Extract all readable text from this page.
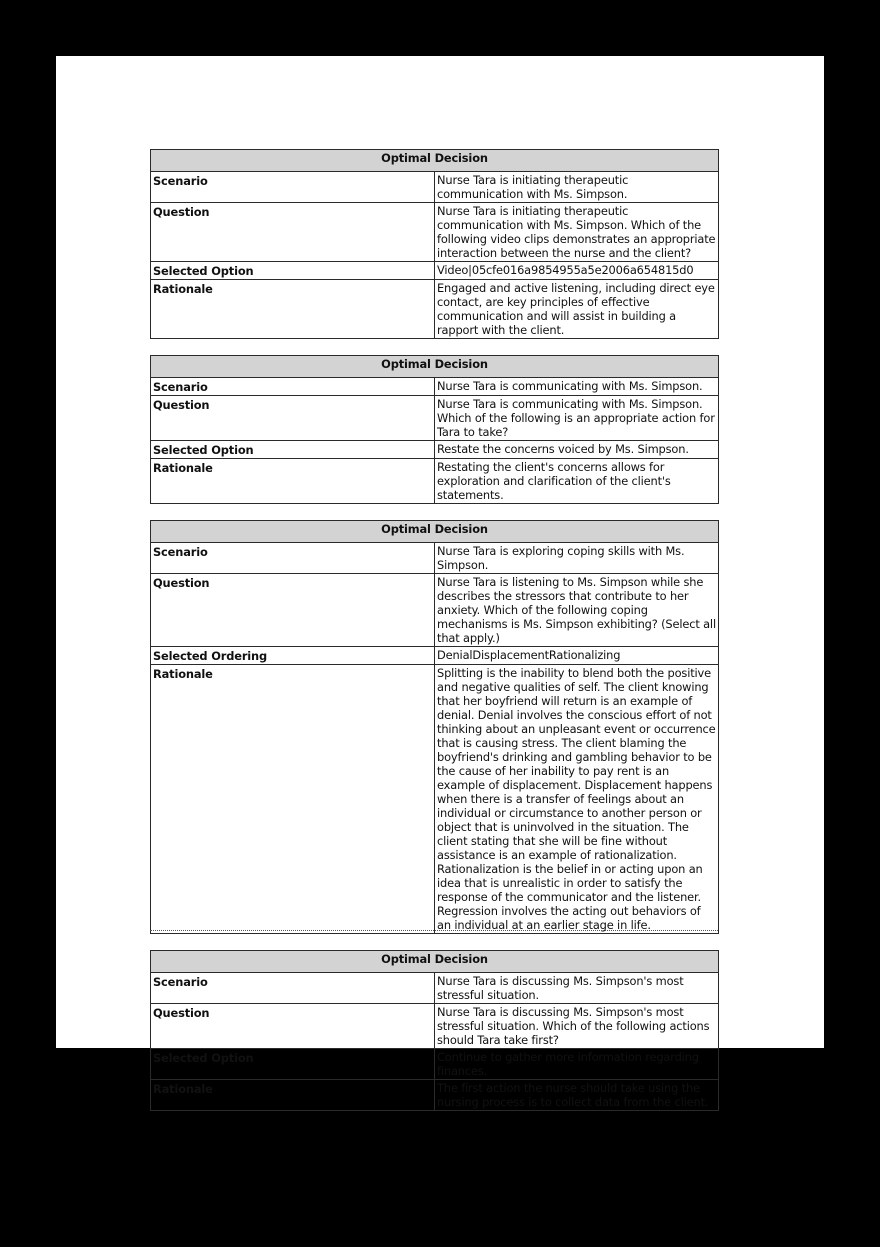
Optimal Decision	
Scenario	Nurse Tara is initiating therapeutic communication with Ms. Simpson.
Question	Nurse Tara is initiating therapeutic communication with Ms. Simpson. Which of the following video clips demonstrates an appropriate interaction between the nurse and the client?
Selected Option	Video|05cfe016a9854955a5e2006a654815d0
Rationale	Engaged and active listening, including direct eye contact, are key principles of effective communication and will assist in building a rapport with the client.
Optimal Decision	
Scenario	Nurse Tara is communicating with Ms. Simpson.
Question	Nurse Tara is communicating with Ms. Simpson. Which of the following is an appropriate action for Tara to take?
Selected Option	Restate the concerns voiced by Ms. Simpson.
Rationale	Restating the client's concerns allows for exploration and clarification of the client's statements.
Optimal Decision	
Scenario	Nurse Tara is exploring coping skills with Ms. Simpson.
Question	Nurse Tara is listening to Ms. Simpson while she describes the stressors that contribute to her anxiety. Which of the following coping mechanisms is Ms. Simpson exhibiting? (Select all that apply.)
Selected Ordering	DenialDisplacementRationalizing
Rationale	Splitting is the inability to blend both the positive and negative qualities of self. The client knowing that her boyfriend will return is an example of denial. Denial involves the conscious effort of not thinking about an unpleasant event or occurrence that is causing stress. The client blaming the boyfriend's drinking and gambling behavior to be the cause of her inability to pay rent is an example of displacement. Displacement happens when there is a transfer of feelings about an individual or circumstance to another person or object that is uninvolved in the situation. The client stating that she will be fine without assistance is an example of rationalization. Rationalization is the belief in or acting upon an idea that is unrealistic in order to satisfy the response of the communicator and the listener. Regression involves the acting out behaviors of an individual at an earlier stage in life.
Optimal Decision	
Scenario	Nurse Tara is discussing Ms. Simpson's most stressful situation.
Question	Nurse Tara is discussing Ms. Simpson's most stressful situation. Which of the following actions should Tara take first?
Selected Option	Continue to gather more information regarding finances.
Rationale	The first action the nurse should take using the nursing process is to collect data from the client.
